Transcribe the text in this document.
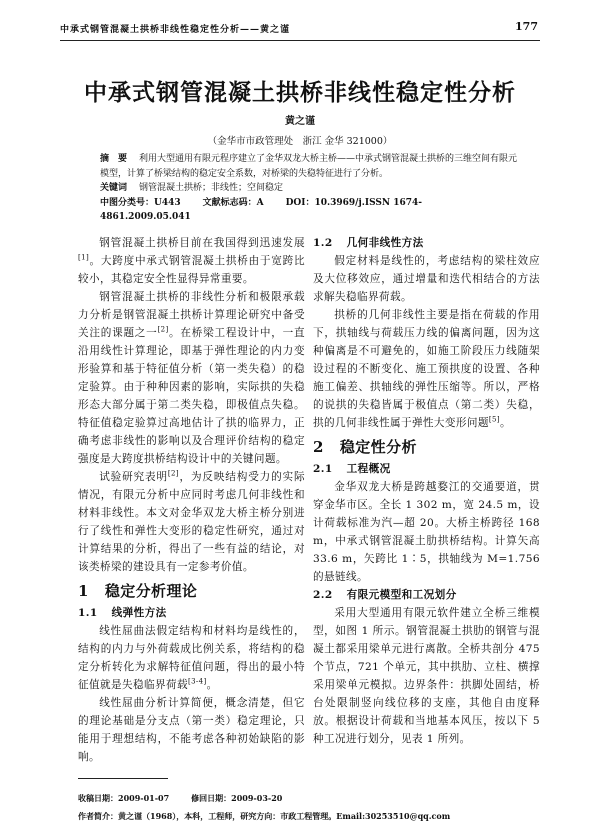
中承式钢管混凝土拱桥非线性稳定性分析——黄之谨	177
中承式钢管混凝土拱桥非线性稳定性分析
黄之谨
（金华市市政管理处　浙江 金华 321000）
摘　要 利用大型通用有限元程序建立了金华双龙大桥主桥——中承式钢管混凝土拱桥的三维空间有限元模型，计算了桥梁结构的稳定安全系数，对桥梁的失稳特征进行了分析。
关键词 钢管混凝土拱桥；非线性；空间稳定
中图分类号：U443 文献标志码：A DOI：10.3969/j.ISSN 1674-4861.2009.05.041

钢管混凝土拱桥目前在我国得到迅速发展[1]。大跨度中承式钢管混凝土拱桥由于宽跨比较小，其稳定安全性显得异常重要。

钢管混凝土拱桥的非线性分析和极限承载力分析是钢管混凝土拱桥计算理论研究中备受关注的课题之一[2]。在桥梁工程设计中，一直沿用线性计算理论，即基于弹性理论的内力变形验算和基于特征值分析（第一类失稳）的稳定验算。由于种种因素的影响，实际拱的失稳形态大部分属于第二类失稳，即极值点失稳。特征值稳定验算过高地估计了拱的临界力，正确考虑非线性的影响以及合理评价结构的稳定强度是大跨度拱桥结构设计中的关键问题。

试验研究表明[2]，为反映结构受力的实际情况，有限元分析中应同时考虑几何非线性和材料非线性。本文对金华双龙大桥主桥分别进行了线性和弹性大变形的稳定性研究，通过对计算结果的分析，得出了一些有益的结论，对该类桥梁的建设具有一定参考价值。

1 稳定分析理论

1.1 线弹性方法

线性屈曲法假定结构和材料均是线性的，结构的内力与外荷载成比例关系，将结构的稳定分析转化为求解特征值问题，得出的最小特征值就是失稳临界荷载[3-4]。

线性屈曲分析计算简便，概念清楚，但它的理论基础是分支点（第一类）稳定理论，只能用于理想结构，不能考虑各种初始缺陷的影响。

1.2 几何非线性方法

假定材料是线性的，考虑结构的梁柱效应及大位移效应，通过增量和迭代相结合的方法求解失稳临界荷载。

拱桥的几何非线性主要是指在荷载的作用下，拱轴线与荷载压力线的偏离问题，因为这种偏离是不可避免的，如施工阶段压力线随架设过程的不断变化、施工预拱度的设置、各种施工偏差、拱轴线的弹性压缩等。所以，严格的说拱的失稳皆属于极值点（第二类）失稳，拱的几何非线性属于弹性大变形问题[5]。

2 稳定性分析

2.1 工程概况

金华双龙大桥是跨越婺江的交通要道，贯穿金华市区。全长 1 302 m，宽 24.5 m，设计荷载标准为汽—超 20。大桥主桥跨径 168 m，中承式钢管混凝土肋拱桥结构。计算矢高 33.6 m，矢跨比 1∶5，拱轴线为 M=1.756 的悬链线。

2.2 有限元模型和工况划分

采用大型通用有限元软件建立全桥三维模型，如图 1 所示。钢管混凝土拱肋的钢管与混凝土都采用梁单元进行离散。全桥共剖分 475 个节点，721 个单元，其中拱肋、立柱、横撑采用梁单元模拟。边界条件：拱脚处固结，桥台处限制竖向线位移的支座，其他自由度释放。根据设计荷载和当地基本风压，按以下 5 种工况进行划分，见表 1 所列。

收稿日期：2009-01-07	修回日期：2009-03-20
作者简介：黄之谨（1968），本科，工程师，研究方向：市政工程管理。Email:30253510@qq.com
